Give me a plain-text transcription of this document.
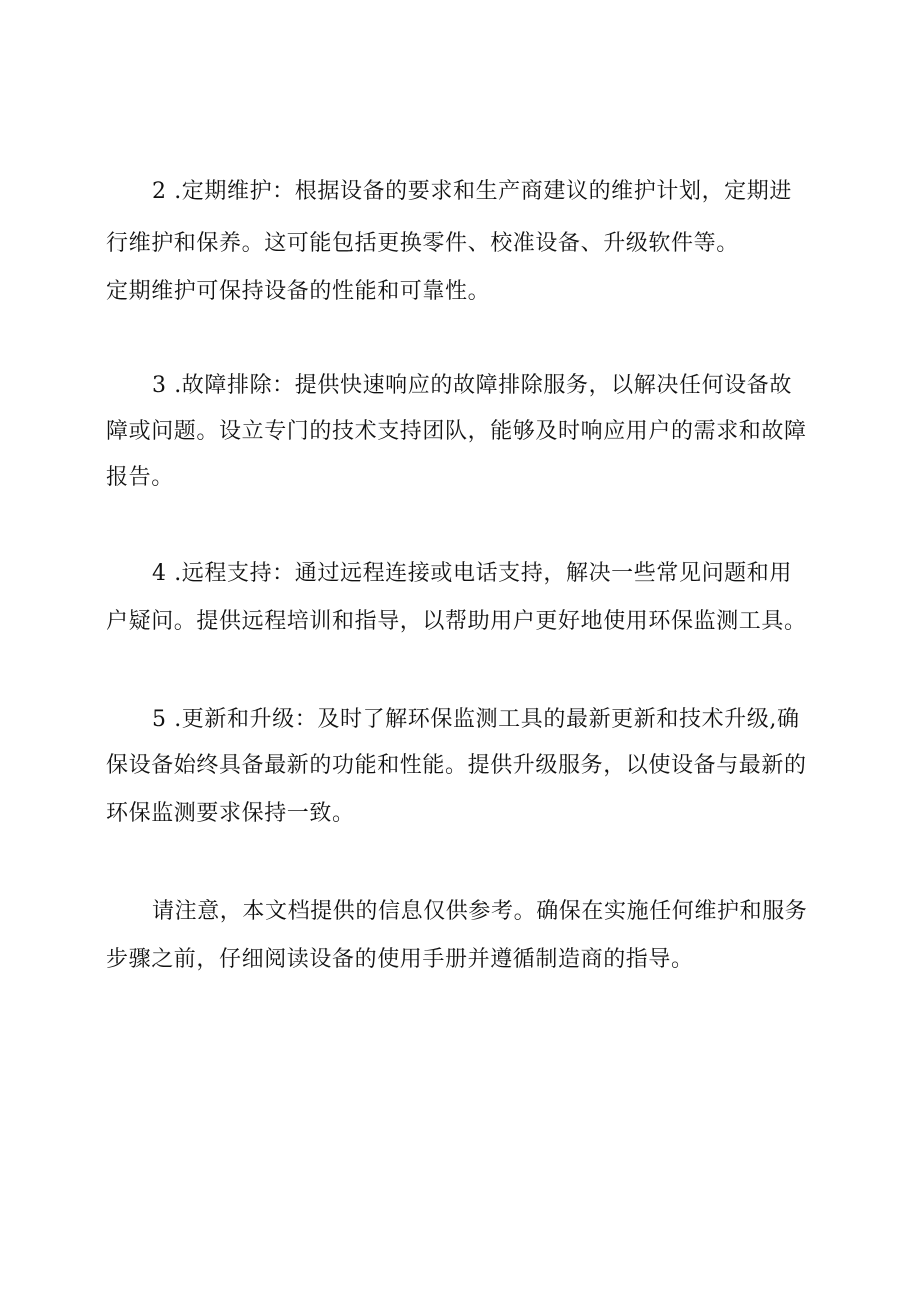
2 .定期维护：根据设备的要求和生产商建议的维护计划，定期进
行维护和保养。这可能包括更换零件、校准设备、升级软件等。
定期维护可保持设备的性能和可靠性。
3 .故障排除：提供快速响应的故障排除服务，以解决任何设备故
障或问题。设立专门的技术支持团队，能够及时响应用户的需求和故障
报告。
4 .远程支持：通过远程连接或电话支持，解决一些常见问题和用
户疑问。提供远程培训和指导，以帮助用户更好地使用环保监测工具。
5 .更新和升级：及时了解环保监测工具的最新更新和技术升级,确
保设备始终具备最新的功能和性能。提供升级服务，以使设备与最新的
环保监测要求保持一致。
请注意，本文档提供的信息仅供参考。确保在实施任何维护和服务
步骤之前，仔细阅读设备的使用手册并遵循制造商的指导。
